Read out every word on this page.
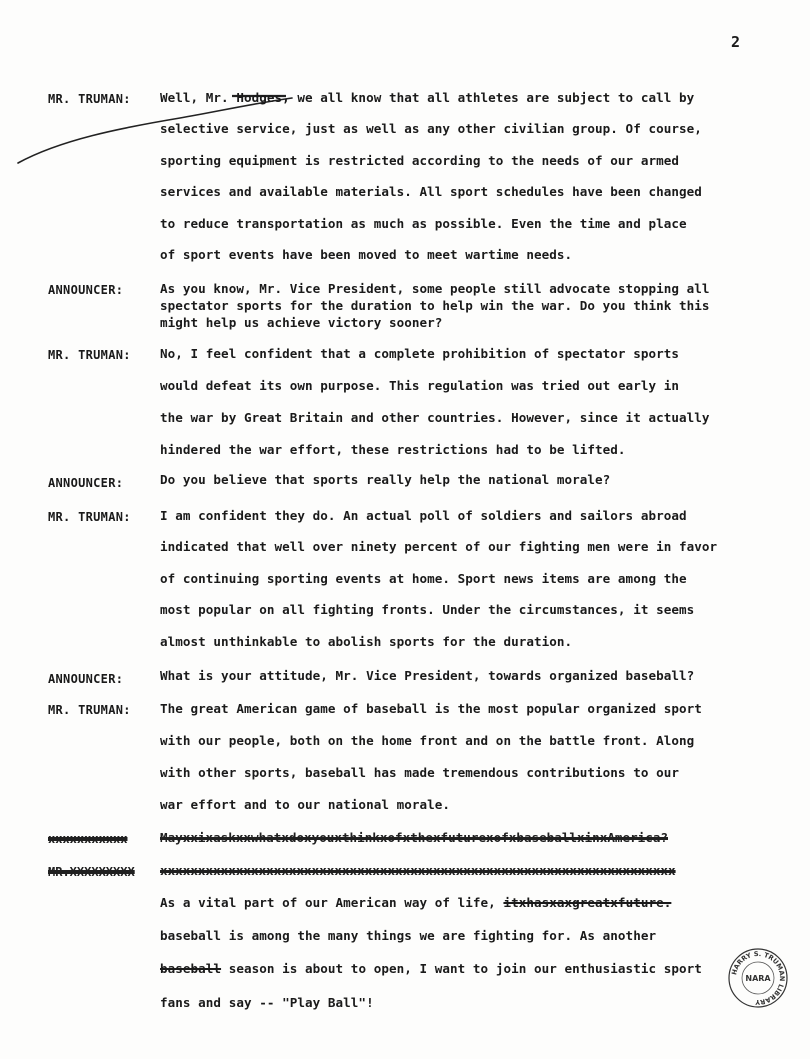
2
MR. TRUMAN: Well, Mr. Hodges, we all know that all athletes are subject to call by
selective service, just as well as any other civilian group. Of course,
sporting equipment is restricted according to the needs of our armed
services and available materials. All sport schedules have been changed
to reduce transportation as much as possible. Even the time and place
of sport events have been moved to meet wartime needs.
ANNOUNCER:	As you know, Mr. Vice President, some people still advocate stopping all
spectator sports for the duration to help win the war. Do you think this
might help us achieve victory sooner?
MR. TRUMAN: No, I feel confident that a complete prohibition of spectator sports
would defeat its own purpose. This regulation was tried out early in
the war by Great Britain and other countries. However, since it actually
hindered the war effort, these restrictions had to be lifted.
ANNOUNCER:	Do you believe that sports really help the national morale?
MR. TRUMAN: I am confident they do. An actual poll of soldiers and sailors abroad
indicated that well over ninety percent of our fighting men were in favor
of continuing sporting events at home. Sport news items are among the
most popular on all fighting fronts. Under the circumstances, it seems
almost unthinkable to abolish sports for the duration.
ANNOUNCER:	What is your attitude, Mr. Vice President, towards organized baseball?
MR. TRUMAN: The great American game of baseball is the most popular organized sport
with our people, both on the home front and on the battle front. Along
with other sports, baseball has made tremendous contributions to our
war effort and to our national morale.
xxxxxxxxxxx	MayxxixaskxxwhatxdoxyouxthinkxofxthexfuturexofxbaseballxinxAmerica?
MR.XXXXXXXXX xxxxxxxxxxxxxxxxxxxxxxxxxxxxxxxxxxxxxxxxxxxxxxxxxxxxxxxxxxxxxxxxxxxx
As a vital part of our American way of life, itxhasxaxgreatxfuture.
baseball is among the many things we are fighting for. As another
baseball season is about to open, I want to join our enthusiastic sport
fans and say -- "Play Ball"!
HARRY S. TRUMAN LIBRARY
NARA
